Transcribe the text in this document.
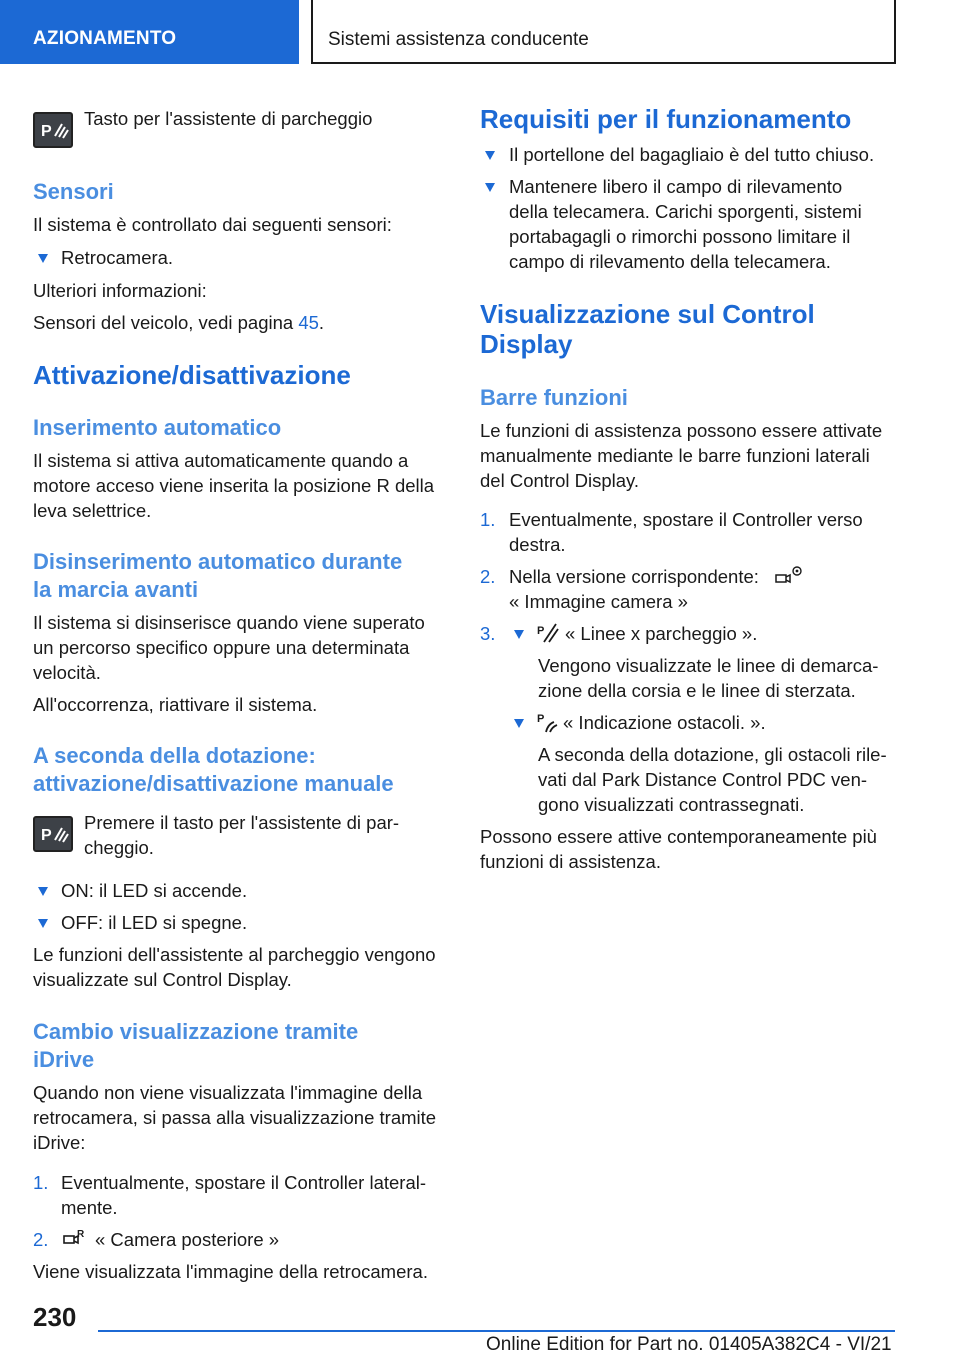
AZIONAMENTO	Sistemi assistenza conducente
P
Tasto per l'assistente di parcheggio
Sensori
Il sistema è controllato dai seguenti sensori:
Retrocamera.
Ulteriori informazioni:
Sensori del veicolo, vedi pagina 45.
Attivazione/disattivazione
Inserimento automatico
Il sistema si attiva automaticamente quando a
motore acceso viene inserita la posizione R della
leva selettrice.
Disinserimento automatico durante
la marcia avanti
Il sistema si disinserisce quando viene superato
un percorso specifico oppure una determinata
velocità.
All'occorrenza, riattivare il sistema.
A seconda della dotazione:
attivazione/disattivazione manuale
P
Premere il tasto per l'assistente di par-
cheggio.
ON: il LED si accende.
OFF: il LED si spegne.
Le funzioni dell'assistente al parcheggio vengono
visualizzate sul Control Display.
Cambio visualizzazione tramite
iDrive
Quando non viene visualizzata l'immagine della
retrocamera, si passa alla visualizzazione tramite
iDrive:
1. Eventualmente, spostare il Controller lateral-
mente.
2.	R « Camera posteriore »
Viene visualizzata l'immagine della retrocamera.
Requisiti per il funzionamento
Il portellone del bagagliaio è del tutto chiuso.
Mantenere libero il campo di rilevamento
della telecamera. Carichi sporgenti, sistemi
portabagagli o rimorchi possono limitare il
campo di rilevamento della telecamera.
Visualizzazione sul Control
Display
Barre funzioni
Le funzioni di assistenza possono essere attivate
manualmente mediante le barre funzioni laterali
del Control Display.
1. Eventualmente, spostare il Controller verso
destra.
2. Nella versione corrispondente:
« Immagine camera »
3.	P « Linee x parcheggio ».
Vengono visualizzate le linee di demarca-
zione della corsia e le linee di sterzata.
P « Indicazione ostacoli. ».
A seconda della dotazione, gli ostacoli rile-
vati dal Park Distance Control PDC ven-
gono visualizzati contrassegnati.
Possono essere attive contemporaneamente più
funzioni di assistenza.
230
Online Edition for Part no. 01405A382C4 - VI/21
